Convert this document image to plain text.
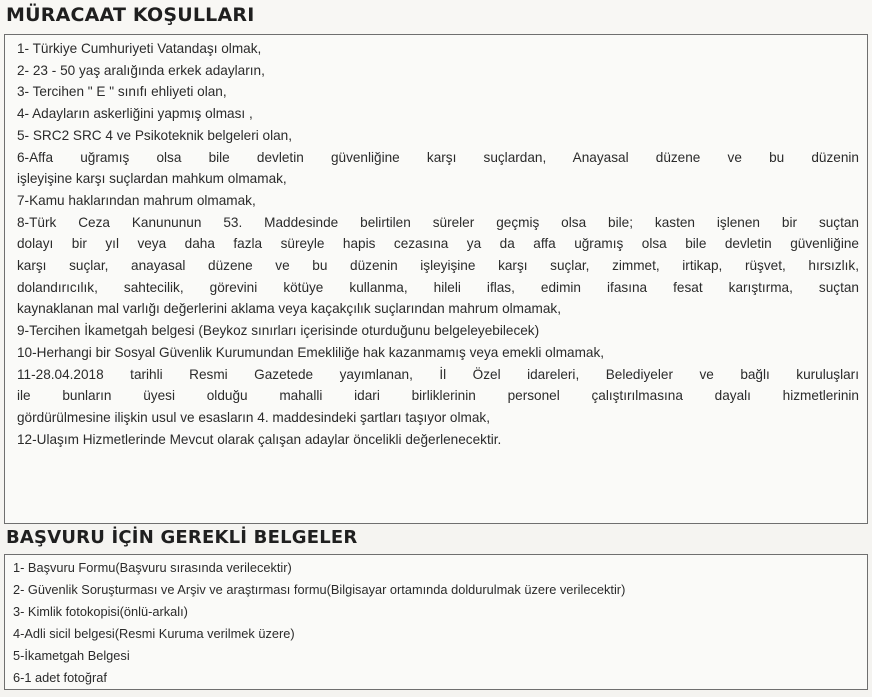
MÜRACAAT KOŞULLARI
1- Türkiye Cumhuriyeti Vatandaşı olmak,
2- 23 - 50 yaş aralığında erkek adayların,
3- Tercihen " E " sınıfı ehliyeti olan,
4- Adayların askerliğini yapmış olması ,
5- SRC2 SRC 4 ve Psikoteknik belgeleri olan,
6-Affa uğramış olsa bile devletin güvenliğine karşı suçlardan, Anayasal düzene ve bu düzenin
işleyişine karşı suçlardan mahkum olmamak,
7-Kamu haklarından mahrum olmamak,
8-Türk Ceza Kanununun 53. Maddesinde belirtilen süreler geçmiş olsa bile; kasten işlenen bir suçtan
dolayı bir yıl veya daha fazla süreyle hapis cezasına ya da affa uğramış olsa bile devletin güvenliğine
karşı suçlar, anayasal düzene ve bu düzenin işleyişine karşı suçlar, zimmet, irtikap, rüşvet, hırsızlık,
dolandırıcılık, sahtecilik, görevini kötüye kullanma, hileli iflas, edimin ifasına fesat karıştırma, suçtan
kaynaklanan mal varlığı değerlerini aklama veya kaçakçılık suçlarından mahrum olmamak,
9-Tercihen İkametgah belgesi (Beykoz sınırları içerisinde oturduğunu belgeleyebilecek)
10-Herhangi bir Sosyal Güvenlik Kurumundan Emekliliğe hak kazanmamış veya emekli olmamak,
11-28.04.2018 tarihli Resmi Gazetede yayımlanan, İl Özel idareleri, Belediyeler ve bağlı kuruluşları
ile bunların üyesi olduğu mahalli idari birliklerinin personel çalıştırılmasına dayalı hizmetlerinin
gördürülmesine ilişkin usul ve esasların 4. maddesindeki şartları taşıyor olmak,
12-Ulaşım Hizmetlerinde Mevcut olarak çalışan adaylar öncelikli değerlenecektir.
BAŞVURU İÇİN GEREKLİ BELGELER
1- Başvuru Formu(Başvuru sırasında verilecektir)
2- Güvenlik Soruşturması ve Arşiv ve araştırması formu(Bilgisayar ortamında doldurulmak üzere verilecektir)
3- Kimlik fotokopisi(önlü-arkalı)
4-Adli sicil belgesi(Resmi Kuruma verilmek üzere)
5-İkametgah Belgesi
6-1 adet fotoğraf
